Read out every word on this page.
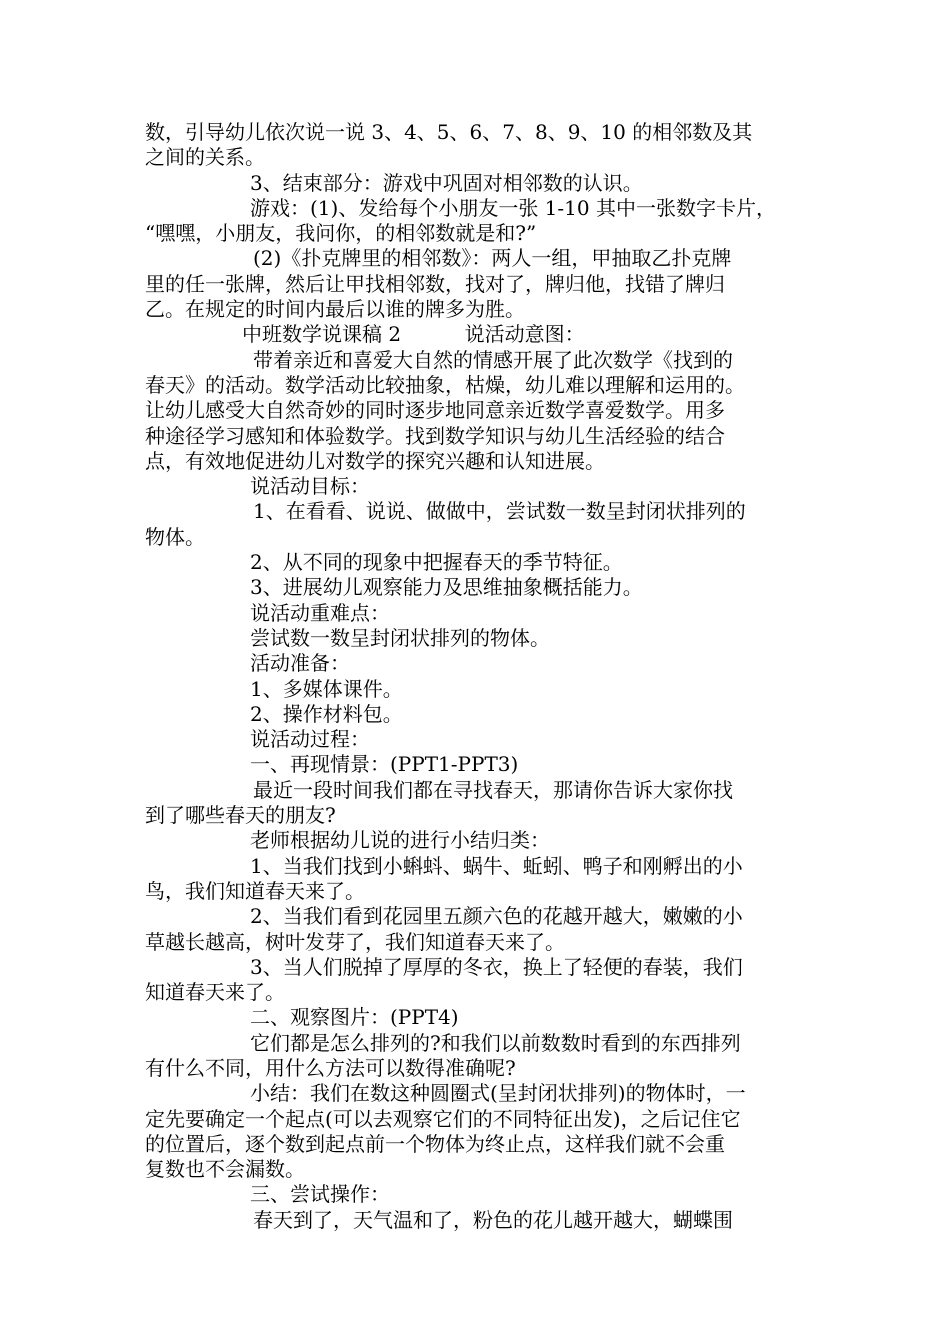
数，引导幼儿依次说一说 3、4、5、6、7、8、9、10 的相邻数及其
之间的关系。
3、结束部分：游戏中巩固对相邻数的认识。
游戏：(1)、发给每个小朋友一张 1-10 其中一张数字卡片，
“嘿嘿，小朋友，我问你，的相邻数就是和?”
(2)《扑克牌里的相邻数》：两人一组，甲抽取乙扑克牌
里的任一张牌，然后让甲找相邻数，找对了，牌归他，找错了牌归
乙。在规定的时间内最后以谁的牌多为胜。
中班数学说课稿 2          说活动意图：
带着亲近和喜爱大自然的情感开展了此次数学《找到的
春天》的活动。数学活动比较抽象，枯燥，幼儿难以理解和运用的。
让幼儿感受大自然奇妙的同时逐步地同意亲近数学喜爱数学。用多
种途径学习感知和体验数学。找到数学知识与幼儿生活经验的结合
点，有效地促进幼儿对数学的探究兴趣和认知进展。
说活动目标：
1、在看看、说说、做做中，尝试数一数呈封闭状排列的
物体。
2、从不同的现象中把握春天的季节特征。
3、进展幼儿观察能力及思维抽象概括能力。
说活动重难点：
尝试数一数呈封闭状排列的物体。
活动准备：
1、多媒体课件。
2、操作材料包。
说活动过程：
一、再现情景：(PPT1-PPT3)
最近一段时间我们都在寻找春天，那请你告诉大家你找
到了哪些春天的朋友?
老师根据幼儿说的进行小结归类：
1、当我们找到小蝌蚪、蜗牛、蚯蚓、鸭子和刚孵出的小
鸟，我们知道春天来了。
2、当我们看到花园里五颜六色的花越开越大，嫩嫩的小
草越长越高，树叶发芽了，我们知道春天来了。
3、当人们脱掉了厚厚的冬衣，换上了轻便的春装，我们
知道春天来了。
二、观察图片：(PPT4)
它们都是怎么排列的?和我们以前数数时看到的东西排列
有什么不同，用什么方法可以数得准确呢?
小结：我们在数这种圆圈式(呈封闭状排列)的物体时，一
定先要确定一个起点(可以去观察它们的不同特征出发)，之后记住它
的位置后，逐个数到起点前一个物体为终止点，这样我们就不会重
复数也不会漏数。
三、尝试操作：
春天到了，天气温和了，粉色的花儿越开越大，蝴蝶围
